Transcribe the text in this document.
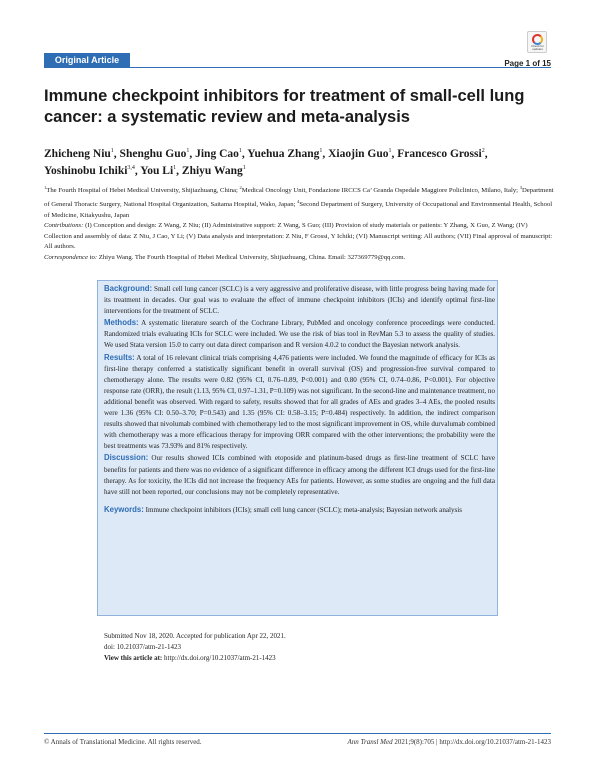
Original Article
Check for updates
Page 1 of 15
Immune checkpoint inhibitors for treatment of small-cell lung cancer: a systematic review and meta-analysis
Zhicheng Niu$^1$, Shenghu Guo$^1$, Jing Cao$^1$, Yuehua Zhang$^1$, Xiaojin Guo$^1$, Francesco Grossi$^2$,
Yoshinobu Ichiki$^{3,4}$, You Li$^1$, Zhiyu Wang$^1$
$^1$The Fourth Hospital of Hebei Medical University, Shijiazhuang, China; $^2$Medical Oncology Unit, Fondazione IRCCS Ca’ Granda Ospedale Maggiore Policlinico, Milano, Italy; $^3$Department of General Thoracic Surgery, National Hospital Organization, Saitama Hospital, Wako, Japan; $^4$Second Department of Surgery, University of Occupational and Environmental Health, School of Medicine, Kitakyushu, Japan
Contributions: (I) Conception and design: Z Wang, Z Niu; (II) Administrative support: Z Wang, S Guo; (III) Provision of study materials or patients: Y Zhang, X Guo, Z Wang; (IV) Collection and assembly of data: Z Niu, J Cao, Y Li; (V) Data analysis and interpretation: Z Niu, F Grossi, Y Ichiki; (VI) Manuscript writing: All authors; (VII) Final approval of manuscript: All authors.
Correspondence to: Zhiyu Wang. The Fourth Hospital of Hebei Medical University, Shijiazhuang, China. Email: 327369779@qq.com.
Background: Small cell lung cancer (SCLC) is a very aggressive and proliferative disease, with little progress being having made for its treatment in decades. Our goal was to evaluate the effect of immune checkpoint inhibitors (ICIs) and identify optimal first-line interventions for the treatment of SCLC.
Methods: A systematic literature search of the Cochrane Library, PubMed and oncology conference proceedings were conducted. Randomized trials evaluating ICIs for SCLC were included. We use the risk of bias tool in RevMan 5.3 to assess the quality of studies. We used Stata version 15.0 to carry out data direct comparison and R version 4.0.2 to conduct the Bayesian network analysis.
Results: A total of 16 relevant clinical trials comprising 4,476 patients were included. We found the magnitude of efficacy for ICIs as first-line therapy conferred a statistically significant benefit in overall survival (OS) and progression-free survival compared to chemotherapy alone. The results were 0.82 (95% CI, 0.76–0.89, P<0.001) and 0.80 (95% CI, 0.74–0.86, P<0.001). For objective response rate (ORR), the result (1.13, 95% CI, 0.97–1.31, P=0.109) was not significant. In the second-line and maintenance treatment, no additional benefit was observed. With regard to safety, results showed that for all grades of AEs and grades 3–4 AEs, the pooled results were 1.36 (95% CI: 0.50–3.70; P=0.543) and 1.35 (95% CI: 0.58–3.15; P=0.484) respectively. In addition, the indirect comparison results showed that nivolumab combined with chemotherapy led to the most significant improvement in OS, while durvalumab combined with chemotherapy was a more efficacious therapy for improving ORR compared with the other interventions; the probability were the best treatments was 73.93% and 81% respectively.
Discussion: Our results showed ICIs combined with etoposide and platinum-based drugs as first-line treatment of SCLC have benefits for patients and there was no evidence of a significant difference in efficacy among the different ICI drugs used for the first-line therapy. As for toxicity, the ICIs did not increase the frequency AEs for patients. However, as some studies are ongoing and the full data have still not been reported, our conclusions may not be completely representative.
Keywords: Immune checkpoint inhibitors (ICIs); small cell lung cancer (SCLC); meta-analysis; Bayesian network analysis
Submitted Nov 18, 2020. Accepted for publication Apr 22, 2021.
doi: 10.21037/atm-21-1423
View this article at: http://dx.doi.org/10.21037/atm-21-1423
© Annals of Translational Medicine. All rights reserved.	Ann Transl Med 2021;9(8):705 | http://dx.doi.org/10.21037/atm-21-1423
